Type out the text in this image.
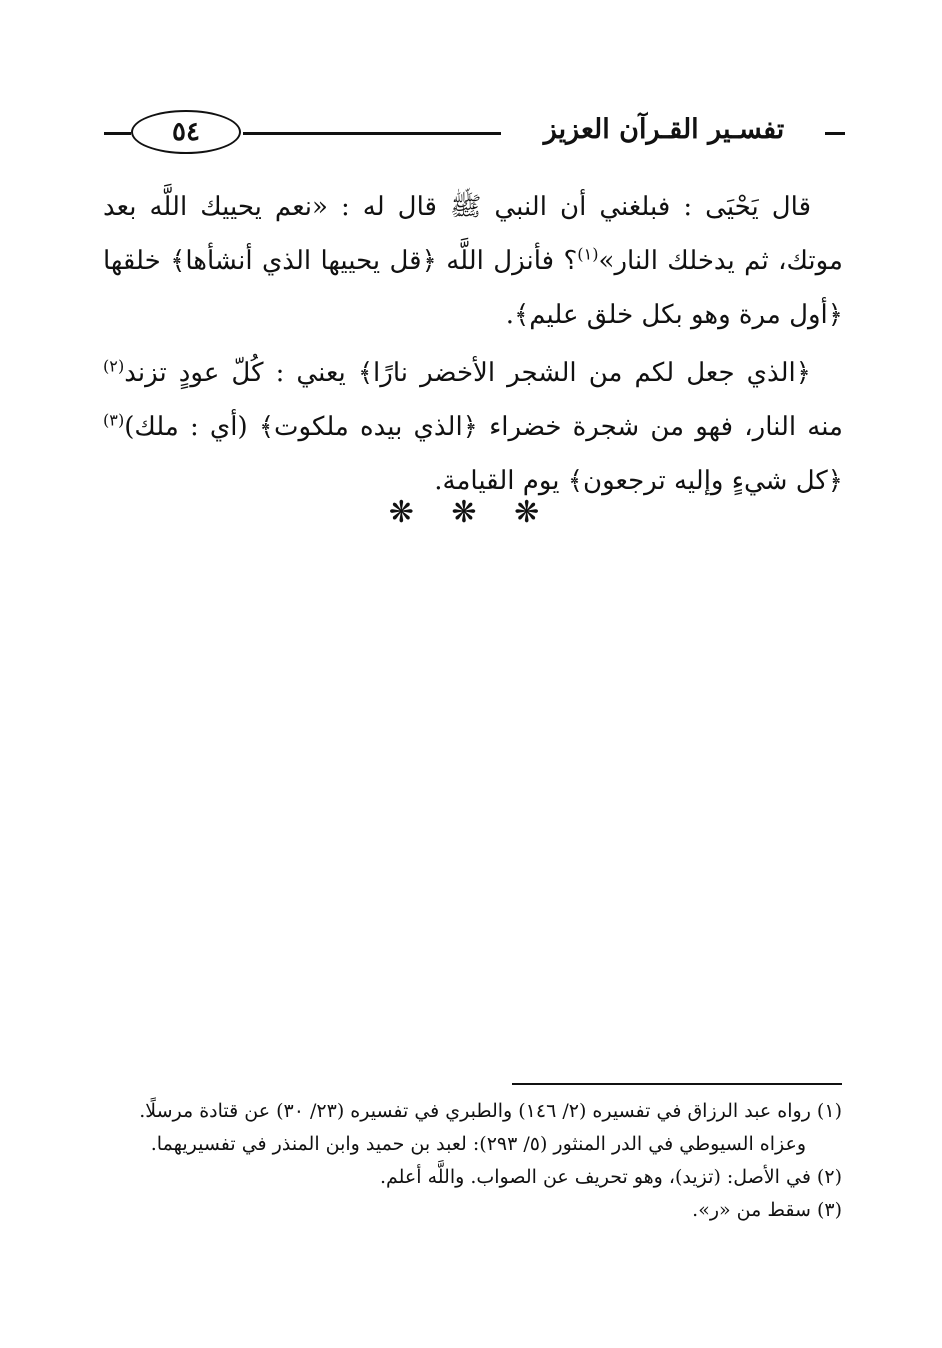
٥٤	تفسـير القـرآن العزيز

قال يَحْيَى : فبلغني أن النبي ﷺ قال له : «نعم يحييك اللَّه بعد موتك، ثم يدخلك النار»$^{(١)}$؟ فأنزل اللَّه ﴿قل يحييها الذي أنشأها﴾ خلقها ﴿أول مرة وهو بكل خلق عليم﴾.

﴿الذي جعل لكم من الشجر الأخضر نارًا﴾ يعني : كُلّ عودٍ تزند$^{(٢)}$ منه النار، فهو من شجرة خضراء ﴿الذي بيده ملكوت﴾ (أي : ملك)$^{(٣)}$ ﴿كل شيءٍ وإليه ترجعون﴾ يوم القيامة.

❋ ❋ ❋

(١) رواه عبد الرزاق في تفسيره (٢/ ١٤٦) والطبري في تفسيره (٢٣/ ٣٠) عن قتادة مرسلًا.

وعزاه السيوطي في الدر المنثور (٥/ ٢٩٣): لعبد بن حميد وابن المنذر في تفسيريهما.

(٢) في الأصل: (تزيد)، وهو تحريف عن الصواب. واللَّه أعلم.

(٣) سقط من «ر».
